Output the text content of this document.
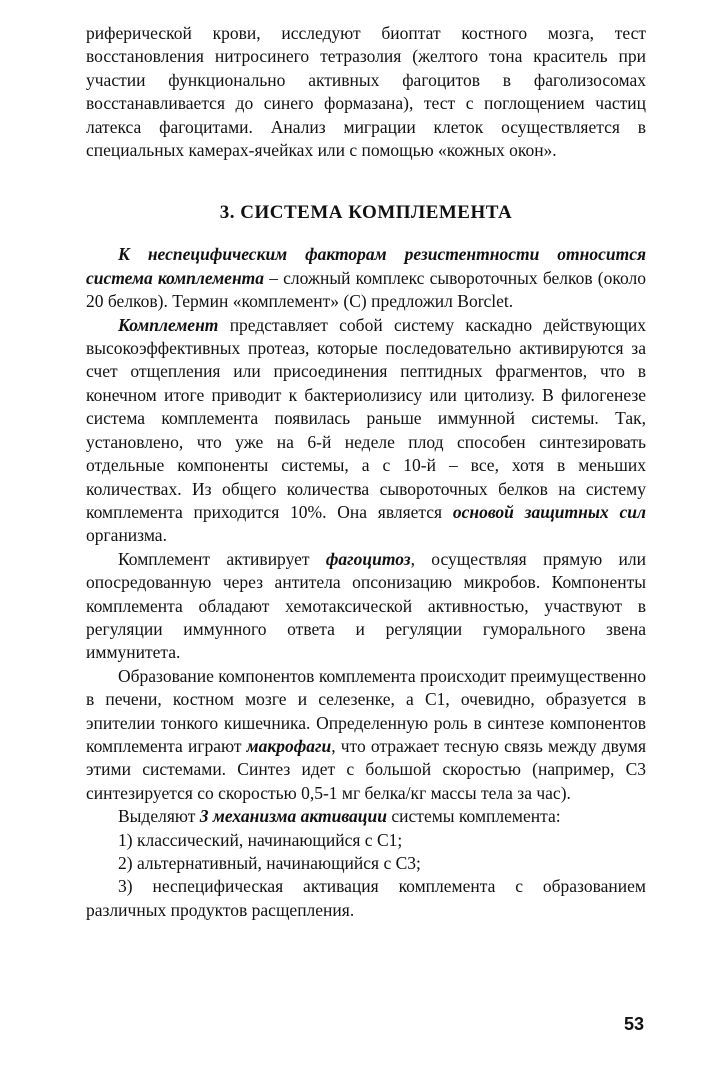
риферической крови, исследуют биоптат костного мозга, тест восстановления нитросинего тетразолия (желтого тона краситель при участии функционально активных фагоцитов в фаголизосомах восстанавливается до синего формазана), тест с поглощением частиц латекса фагоцитами. Анализ миграции клеток осуществляется в специальных камерах-ячейках или с помощью «кожных окон».

3. СИСТЕМА КОМПЛЕМЕНТА

К неспецифическим факторам резистентности относится система комплемента – сложный комплекс сывороточных белков (около 20 белков). Термин «комплемент» (С) предложил Borclet.

Комплемент представляет собой систему каскадно действующих высокоэффективных протеаз, которые последовательно активируются за счет отщепления или присоединения пептидных фрагментов, что в конечном итоге приводит к бактериолизису или цитолизу. В филогенезе система комплемента появилась раньше иммунной системы. Так, установлено, что уже на 6-й неделе плод способен синтезировать отдельные компоненты системы, а с 10-й – все, хотя в меньших количествах. Из общего количества сывороточных белков на систему комплемента приходится 10%. Она является основой защитных сил организма.

Комплемент активирует фагоцитоз, осуществляя прямую или опосредованную через антитела опсонизацию микробов. Компоненты комплемента обладают хемотаксической активностью, участвуют в регуляции иммунного ответа и регуляции гуморального звена иммунитета.

Образование компонентов комплемента происходит преимущественно в печени, костном мозге и селезенке, а С1, очевидно, образуется в эпителии тонкого кишечника. Определенную роль в синтезе компонентов комплемента играют макрофаги, что отражает тесную связь между двумя этими системами. Синтез идет с большой скоростью (например, С3 синтезируется со скоростью 0,5-1 мг белка/кг массы тела за час).

Выделяют 3 механизма активации системы комплемента:

1) классический, начинающийся с С1;

2) альтернативный, начинающийся с С3;

3) неспецифическая активация комплемента с образованием различных продуктов расщепления.

53
